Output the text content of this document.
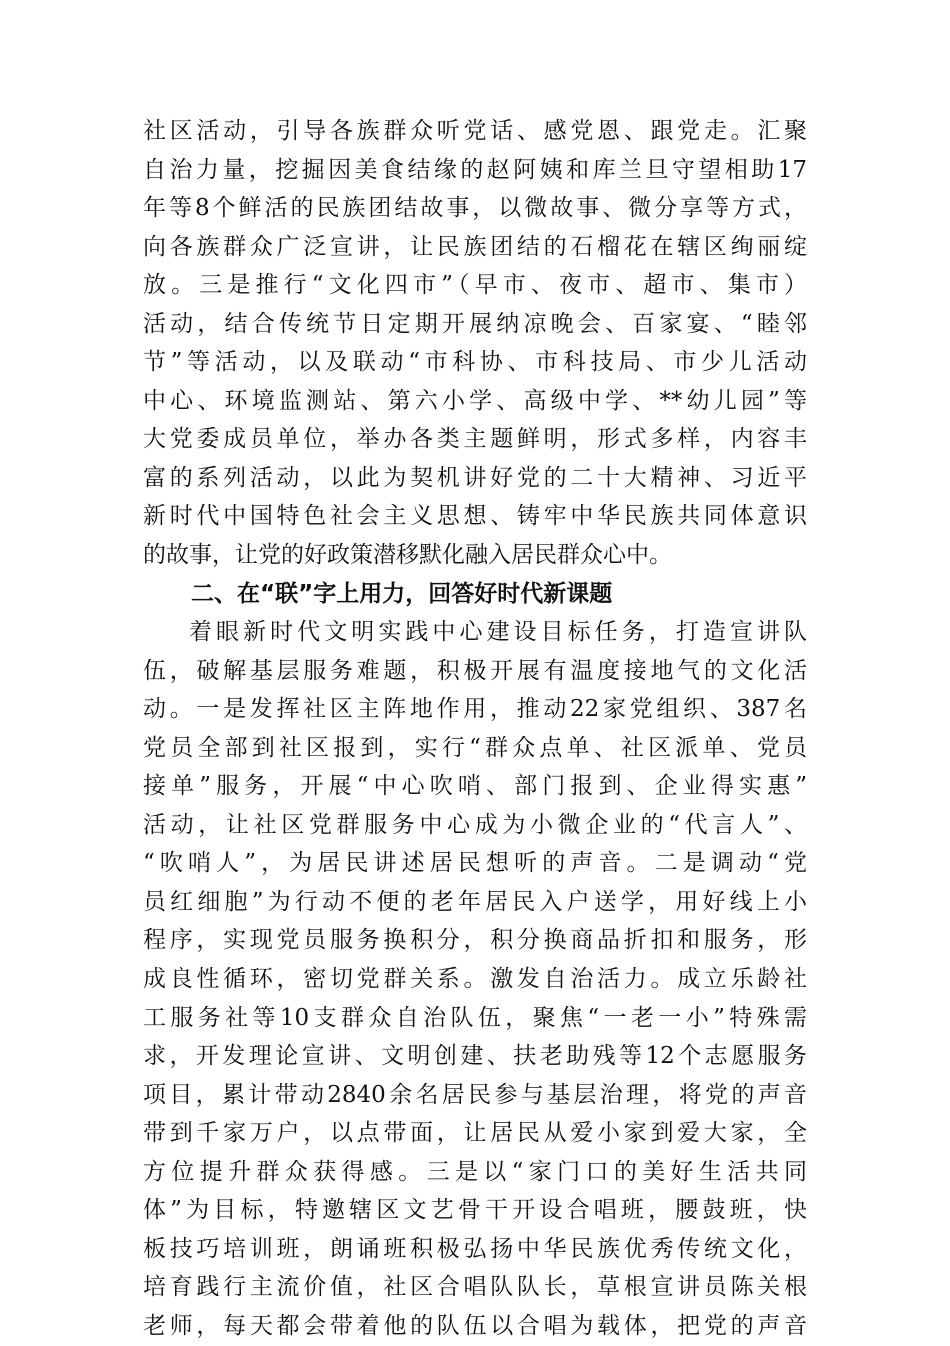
社区活动，引导各族群众听党话、感党恩、跟党走。汇聚
自治力量，挖掘因美食结缘的赵阿姨和库兰旦守望相助17
年等8个鲜活的民族团结故事，以微故事、微分享等方式，
向各族群众广泛宣讲，让民族团结的石榴花在辖区绚丽绽
放。三是推行“文化四市”（早市、夜市、超市、集市）
活动，结合传统节日定期开展纳凉晚会、百家宴、“睦邻
节”等活动，以及联动“市科协、市科技局、市少儿活动
中心、环境监测站、第六小学、高级中学、**幼儿园”等
大党委成员单位，举办各类主题鲜明，形式多样，内容丰
富的系列活动，以此为契机讲好党的二十大精神、习近平
新时代中国特色社会主义思想、铸牢中华民族共同体意识
的故事，让党的好政策潜移默化融入居民群众心中。
二、在“联”字上用力，回答好时代新课题
着眼新时代文明实践中心建设目标任务，打造宣讲队
伍，破解基层服务难题，积极开展有温度接地气的文化活
动。一是发挥社区主阵地作用，推动22家党组织、387名
党员全部到社区报到，实行“群众点单、社区派单、党员
接单”服务，开展“中心吹哨、部门报到、企业得实惠”
活动，让社区党群服务中心成为小微企业的“代言人”、
“吹哨人”，为居民讲述居民想听的声音。二是调动“党
员红细胞”为行动不便的老年居民入户送学，用好线上小
程序，实现党员服务换积分，积分换商品折扣和服务，形
成良性循环，密切党群关系。激发自治活力。成立乐龄社
工服务社等10支群众自治队伍，聚焦“一老一小”特殊需
求，开发理论宣讲、文明创建、扶老助残等12个志愿服务
项目，累计带动2840余名居民参与基层治理，将党的声音
带到千家万户，以点带面，让居民从爱小家到爱大家，全
方位提升群众获得感。三是以“家门口的美好生活共同
体”为目标，特邀辖区文艺骨干开设合唱班，腰鼓班，快
板技巧培训班，朗诵班积极弘扬中华民族优秀传统文化，
培育践行主流价值，社区合唱队队长，草根宣讲员陈关根
老师，每天都会带着他的队伍以合唱为载体，把党的声音
